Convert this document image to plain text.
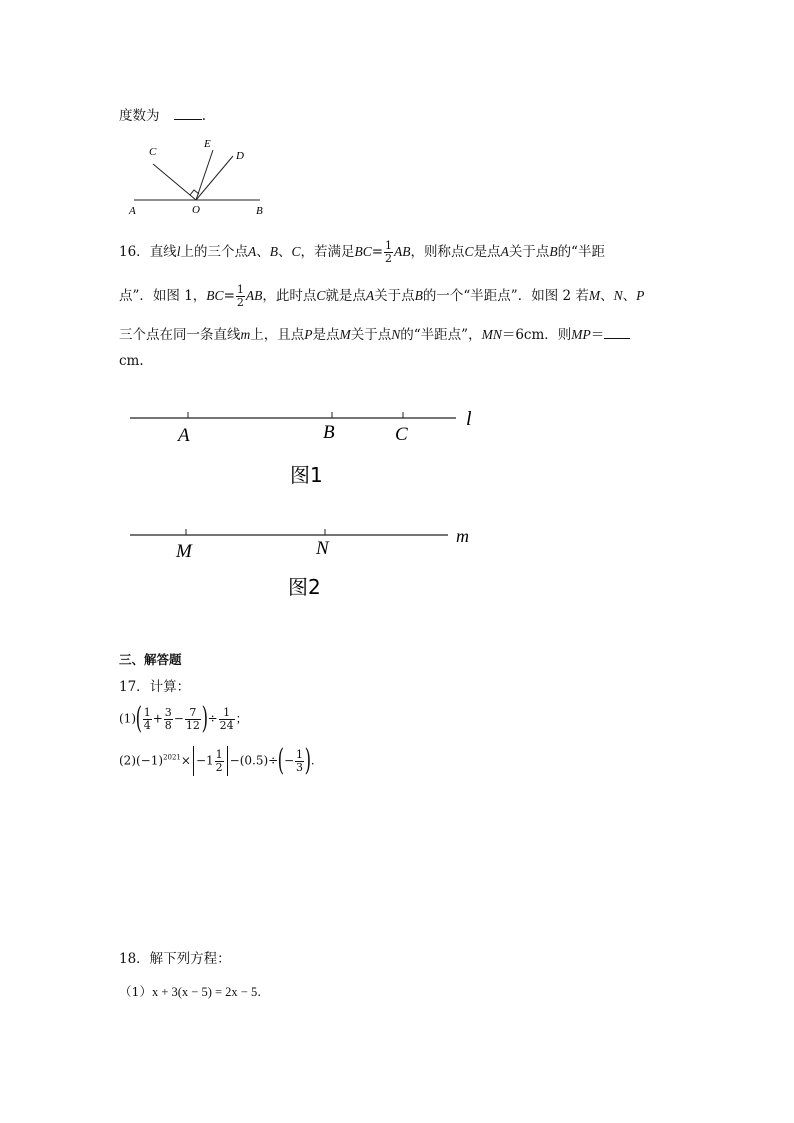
度数为	.
C
E
D
A	O	B
16．直线l上的三个点A、B、C，若满足$BC= \frac{1}{2}$ AB，则称点C是点A关于点B的“半距
点”．如图 1，$BC= \frac{1}{2}$ AB，此时点C就是点A关于点B的一个“半距点”．如图 2 若M、N、P
三个点在同一条直线m上，且点P是点M关于点N的“半距点”，MN＝6cm．则MP＝
cm.
A	B	C
l
图1
M	N
m
图2
三、解答题
17．计算：
$(1)( \frac{1}{4} + \frac{3}{8} - \frac{7}{12}$ )÷ $\frac{1}{24}$ ；
$(2)(-1)^{2021}\times -1 \frac{1}{2} -(0.5)\div(- \frac{1}{3}$ ).
18．解下列方程：
（1）x + 3(x − 5) = 2x − 5.
